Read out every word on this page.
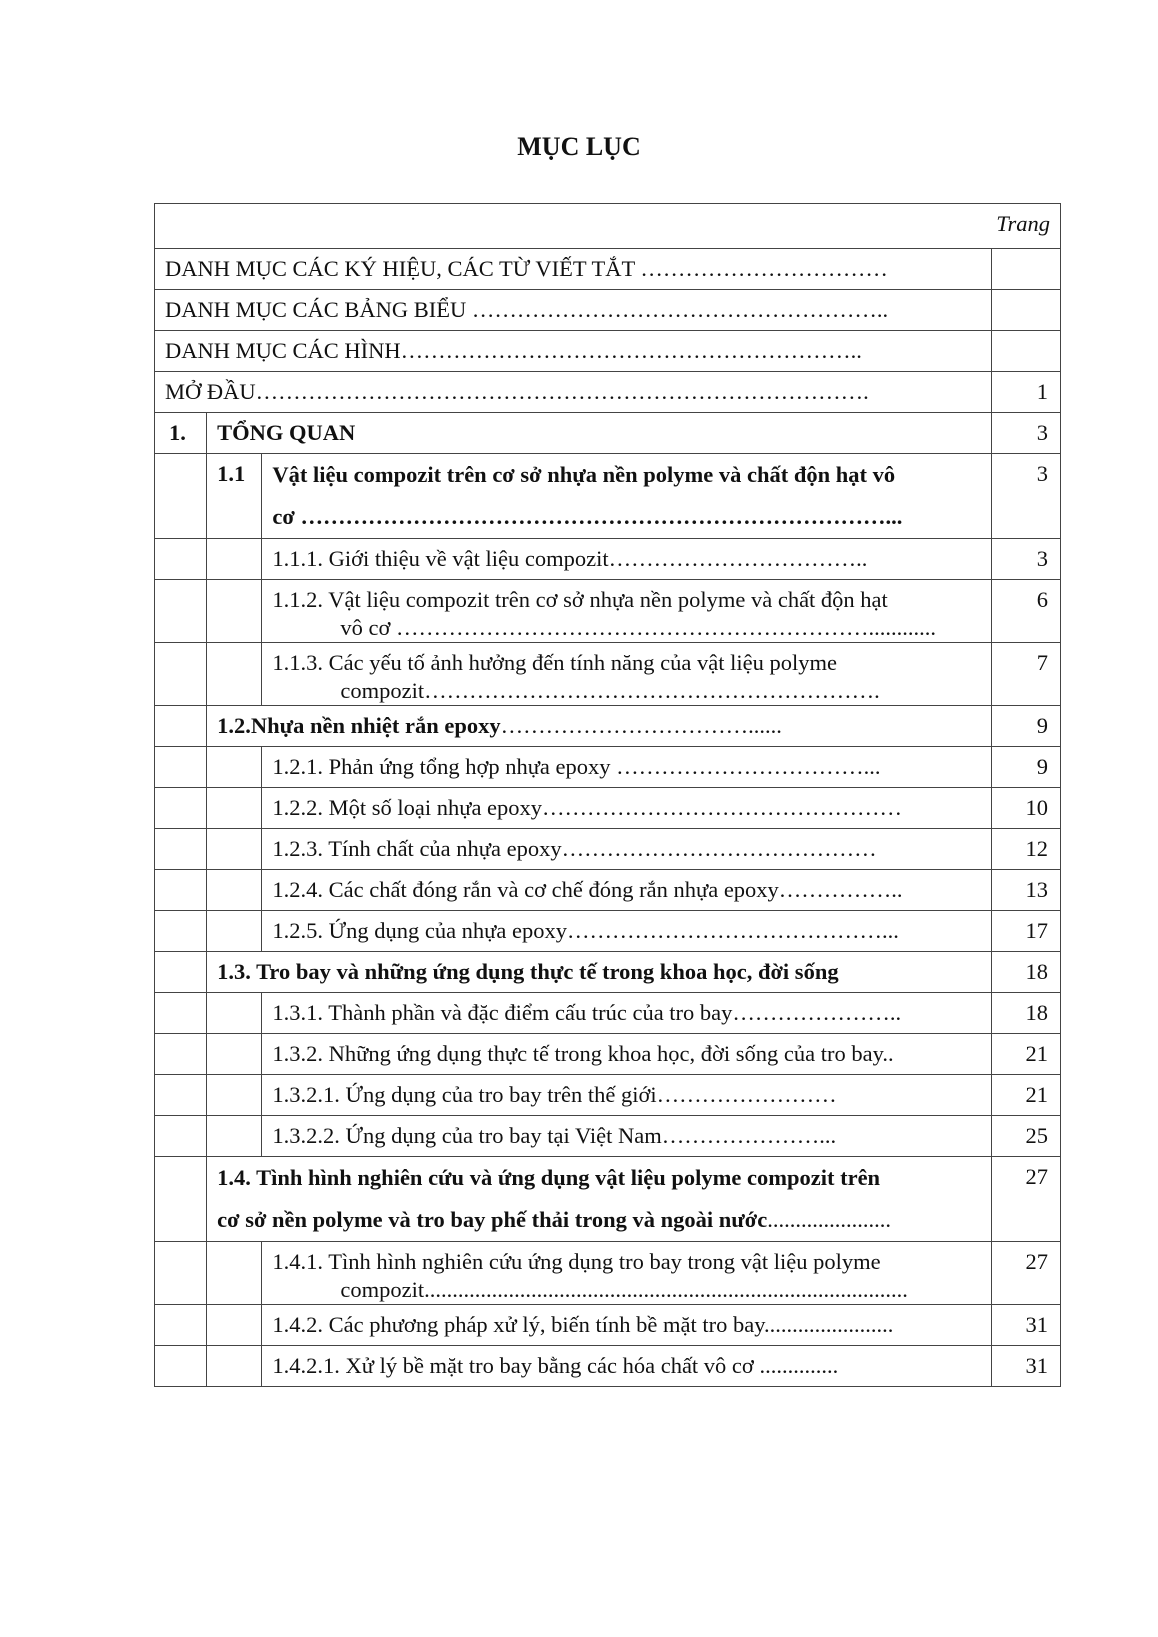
MỤC LỤC
Trang			
DANH MỤC CÁC KÝ HIỆU, CÁC TỪ VIẾT TẮT ……………………………			
DANH MỤC CÁC BẢNG BIỂU ………………………………………………..			
DANH MỤC CÁC HÌNH……………………………………………………..			
MỞ ĐẦU……………………………………………………………………….			1
1.	TỔNG QUAN		3
	1.1	Vật liệu compozit trên cơ sở nhựa nền polyme và chất độn hạt vô
cơ ……………………………………………………………………...	3
		1.1.1. Giới thiệu về vật liệu compozit……………………………..	3

		1.1.2. Vật liệu compozit trên cơ sở nhựa nền polyme và chất độn hạt
vô cơ ………………………………………………………............	6

		1.1.3. Các yếu tố ảnh hưởng đến tính năng của vật liệu polyme
compozit…………………………………………………….	7
	1.2.Nhựa nền nhiệt rắn epoxy……………………………......		9
		1.2.1. Phản ứng tổng hợp nhựa epoxy ……………………………...	9
		1.2.2. Một số loại nhựa epoxy…………………………………………	10
		1.2.3. Tính chất của nhựa epoxy……………………………………	12
		1.2.4. Các chất đóng rắn và cơ chế đóng rắn nhựa epoxy……………..	13
		1.2.5. Ứng dụng của nhựa epoxy……………………………………...	17
	1.3. Tro bay và những ứng dụng thực tế trong khoa học, đời sống		18
		1.3.1. Thành phần và đặc điểm cấu trúc của tro bay…………………..	18
		1.3.2. Những ứng dụng thực tế trong khoa học, đời sống của tro bay..	21
		1.3.2.1. Ứng dụng của tro bay trên thế giới……………………	21
		1.3.2.2. Ứng dụng của tro bay tại Việt Nam…………………...	25

	1.4. Tình hình nghiên cứu và ứng dụng vật liệu polyme compozit trên
cơ sở nền polyme và tro bay phế thải trong và ngoài nước......................		27

		1.4.1. Tình hình nghiên cứu ứng dụng tro bay trong vật liệu polyme
compozit......................................................................................	27
		1.4.2. Các phương pháp xử lý, biến tính bề mặt tro bay.......................	31
		1.4.2.1. Xử lý bề mặt tro bay bằng các hóa chất vô cơ ..............	31
